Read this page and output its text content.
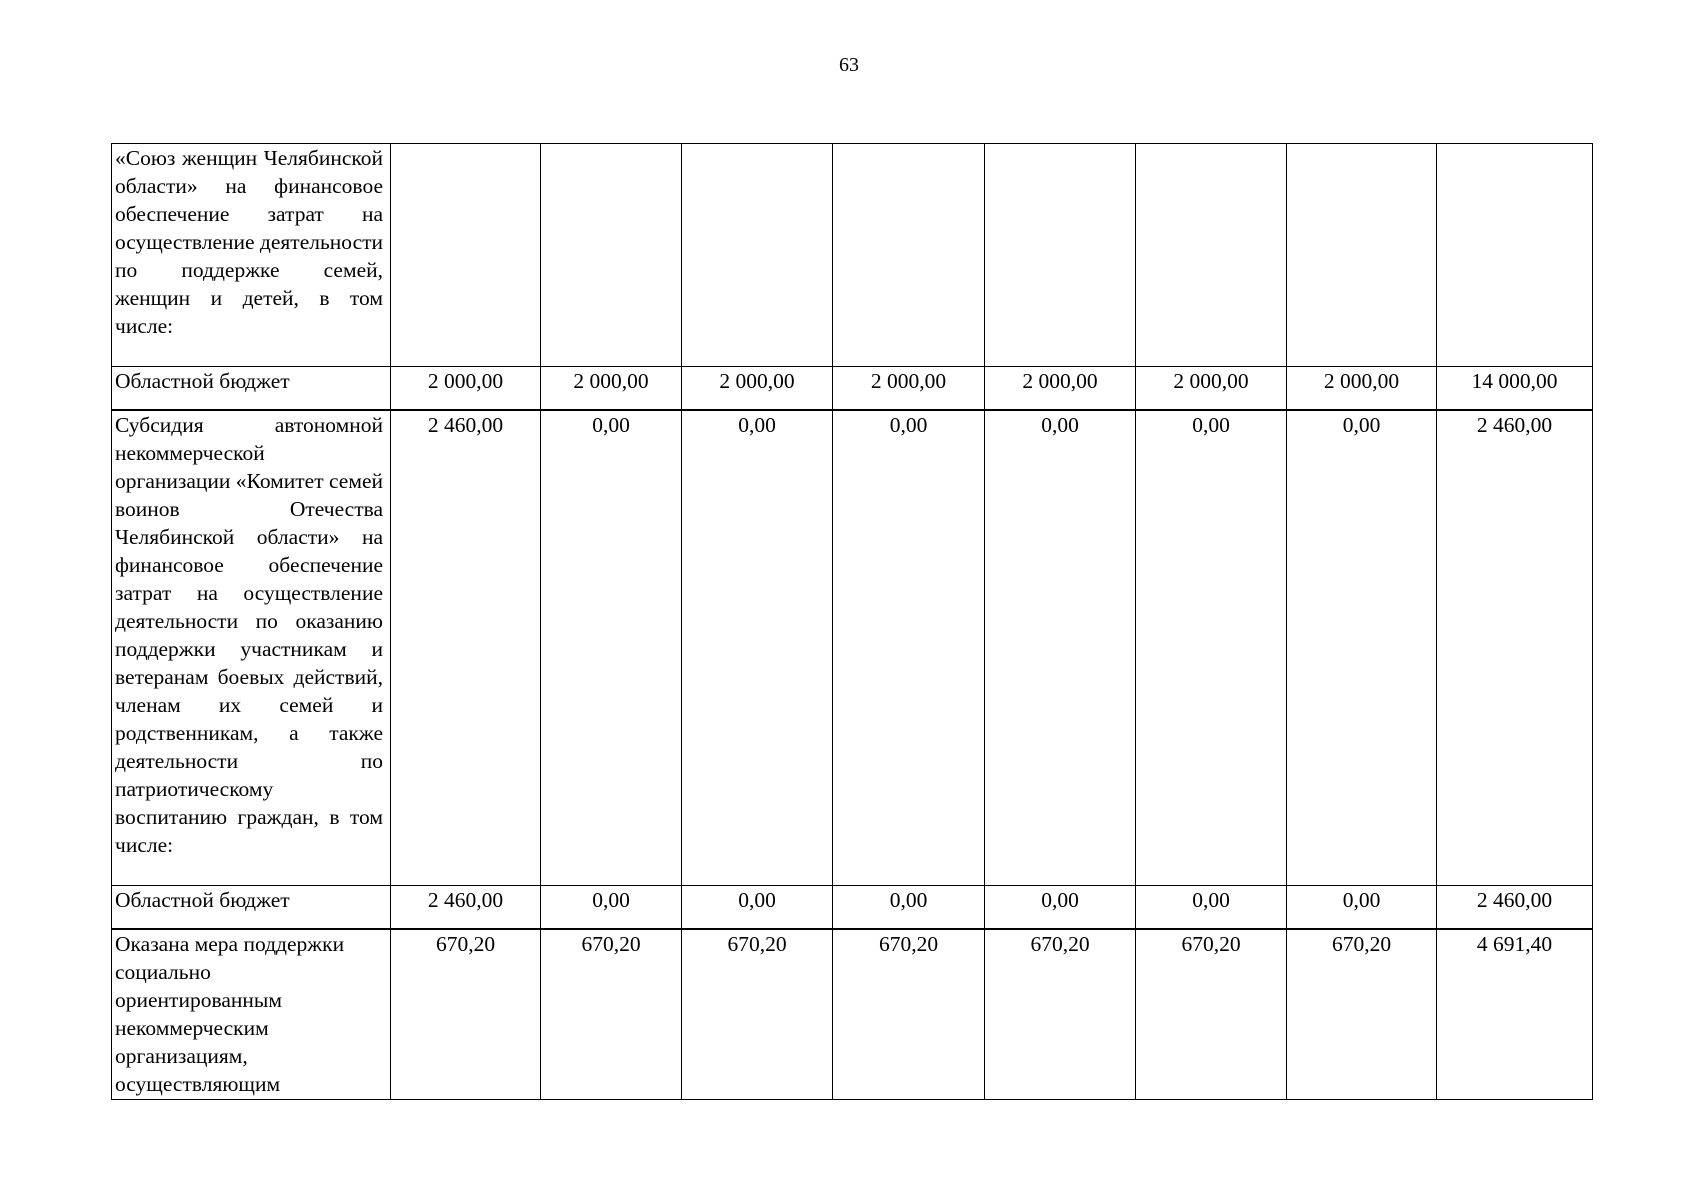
63
«Союз женщин Челябинской области» на финансовое обеспечение затрат на осуществление деятельности по поддержке семей, женщин и детей, в том числе:								
Областной бюджет	2 000,00	2 000,00	2 000,00	2 000,00	2 000,00	2 000,00	2 000,00	14 000,00
Субсидия автономной некоммерческой организации «Комитет семей воинов Отечества Челябинской области» на финансовое обеспечение затрат на осуществление деятельности по оказанию поддержки участникам и ветеранам боевых действий, членам их семей и родственникам, а также деятельности по патриотическому воспитанию граждан, в том числе:	2 460,00	0,00	0,00	0,00	0,00	0,00	0,00	2 460,00
Областной бюджет	2 460,00	0,00	0,00	0,00	0,00	0,00	0,00	2 460,00
Оказана мера поддержки социально ориентированным некоммерческим организациям, осуществляющим	670,20	670,20	670,20	670,20	670,20	670,20	670,20	4 691,40
